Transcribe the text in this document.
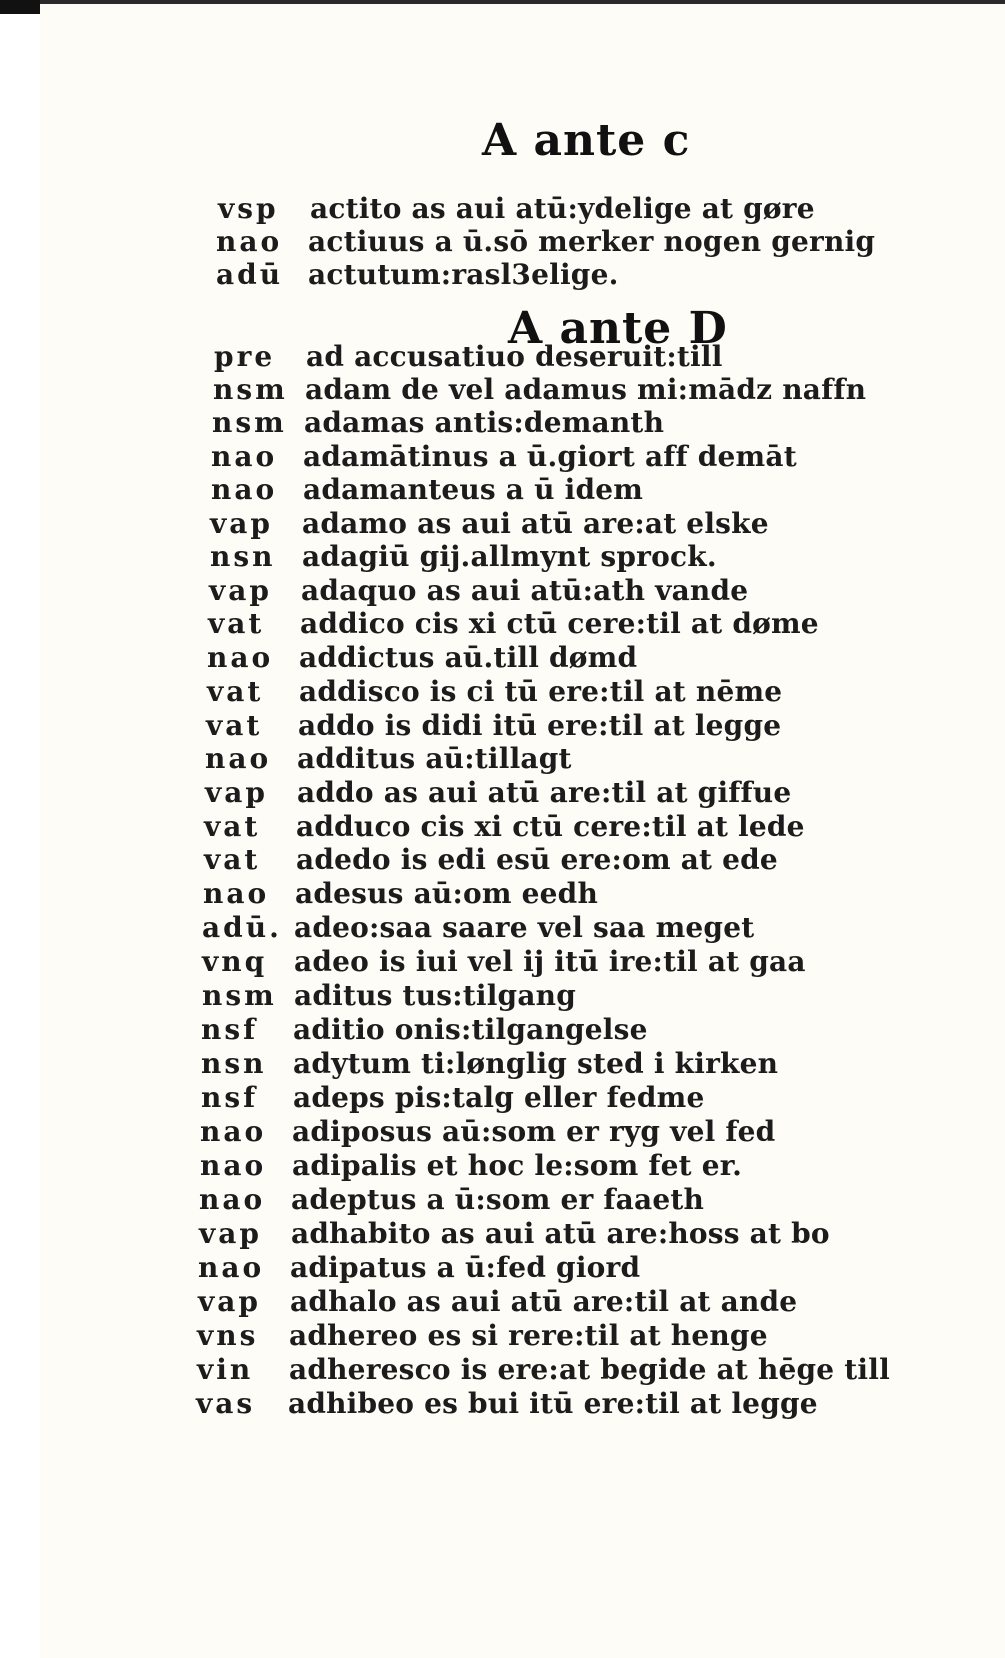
A ante c
vsp	actito as aui atū:ydelige at gøre
nao actiuus a ū.sō merker nogen gernig
adū actutum:rasl3elige.
A ante D
pre	ad accusatiuo deseruit:till
nsm adam de vel adamus mi:mādz naffn
nsm adamas antis:demanth
nao adamātinus a ū.giort aff demāt
nao adamanteus a ū idem
vap	adamo as aui atū are:at elske
nsn adagiū gij.allmynt sprock.
vap	adaquo as aui atū:ath vande
vat	addico cis xi ctū cere:til at døme
nao addictus aū.till dømd
vat	addisco is ci tū ere:til at nēme
vat	addo is didi itū ere:til at legge
nao additus aū:tillagt
vap	addo as aui atū are:til at giffue
vat	adduco cis xi ctū cere:til at lede
vat	adedo is edi esū ere:om at ede
nao adesus aū:om eedh
adū. adeo:saa saare vel saa meget
vnq adeo is iui vel ij itū ire:til at gaa
nsm aditus tus:tilgang
nsf	aditio onis:tilgangelse
nsn adytum ti:lønglig sted i kirken
nsf	adeps pis:talg eller fedme
nao adiposus aū:som er ryg vel fed
nao adipalis et hoc le:som fet er.
nao adeptus a ū:som er faaeth
vap	adhabito as aui atū are:hoss at bo
nao adipatus a ū:fed giord
vap	adhalo as aui atū are:til at ande
vns	adhereo es si rere:til at henge
vin	adheresco is ere:at begide at hēge till
vas	adhibeo es bui itū ere:til at legge
